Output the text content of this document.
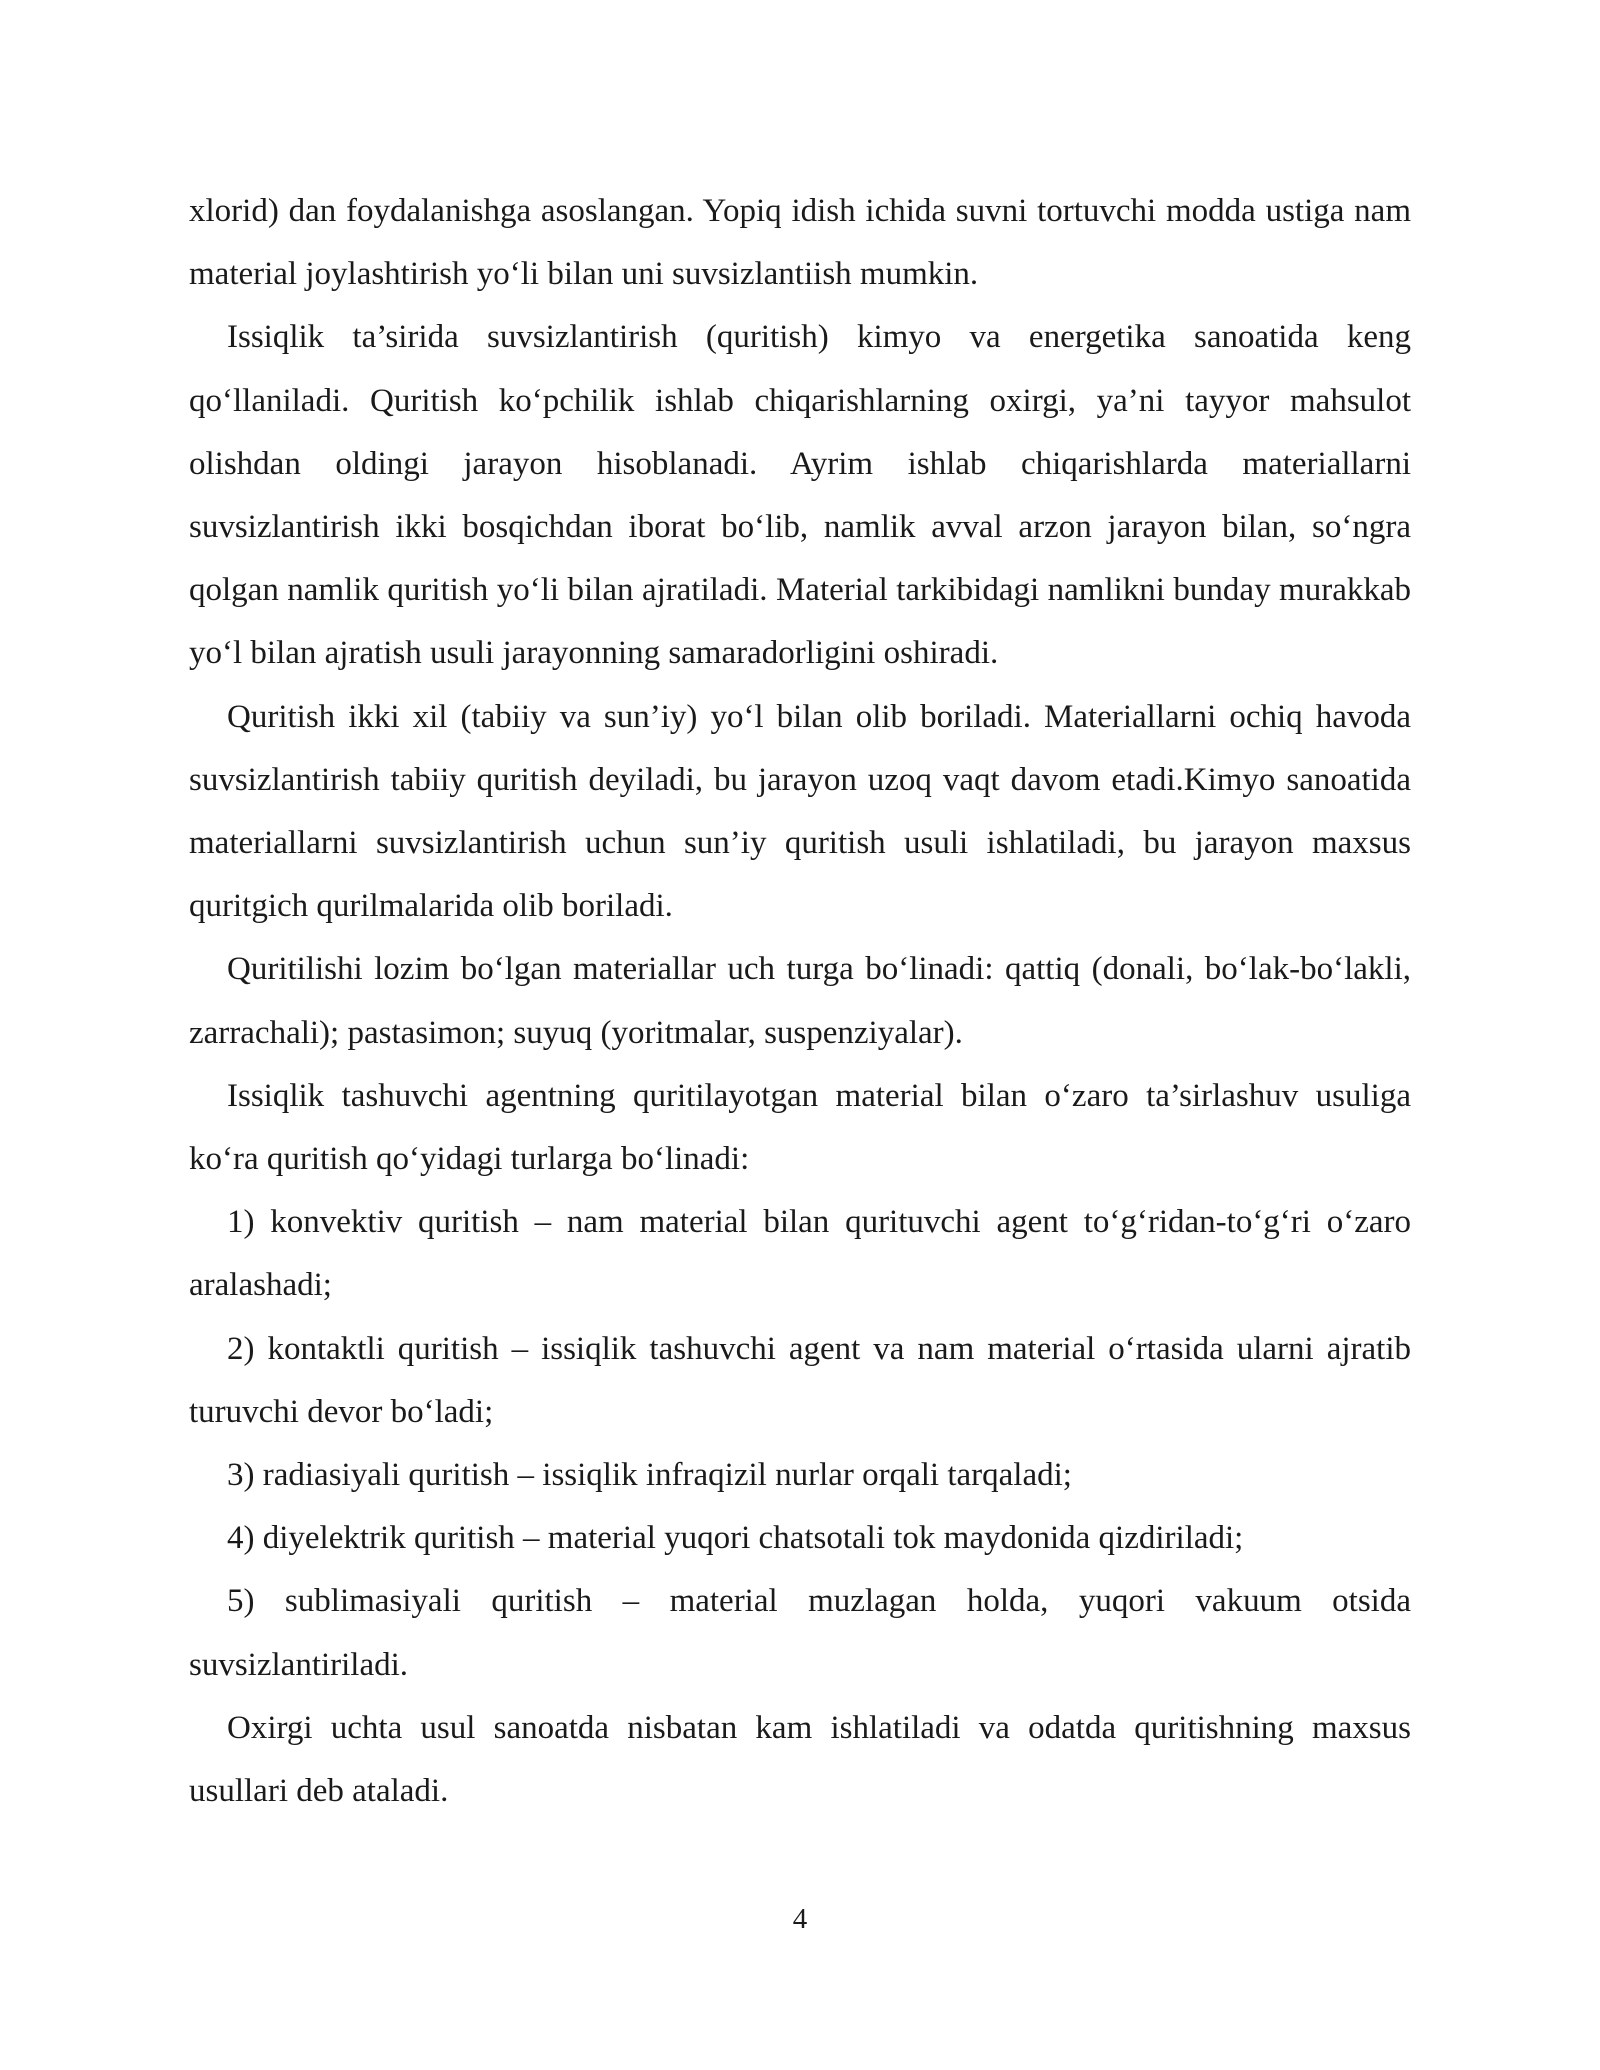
xlorid) dan foydalanishga asoslangan. Yopiq idish ichida suvni tortuvchi modda ustiga nam material joylashtirish yo‘li bilan uni suvsizlantiish mumkin.

Issiqlik ta’sirida suvsizlantirish (quritish) kimyo va energetika sanoatida keng qo‘llaniladi. Quritish ko‘pchilik ishlab chiqarishlarning oxirgi, ya’ni tayyor mahsulot olishdan oldingi jarayon hisoblanadi. Ayrim ishlab chiqarishlarda materiallarni suvsizlantirish ikki bosqichdan iborat bo‘lib, namlik avval arzon jarayon bilan, so‘ngra qolgan namlik quritish yo‘li bilan ajratiladi. Material tarkibidagi namlikni bunday murakkab yo‘l bilan ajratish usuli jarayonning samaradorligini oshiradi.

Quritish ikki xil (tabiiy va sun’iy) yo‘l bilan olib boriladi. Materiallarni ochiq havoda suvsizlantirish tabiiy quritish deyiladi, bu jarayon uzoq vaqt davom etadi.Kimyo sanoatida materiallarni suvsizlantirish uchun sun’iy quritish usuli ishlatiladi, bu jarayon maxsus quritgich qurilmalarida olib boriladi.

Quritilishi lozim bo‘lgan materiallar uch turga bo‘linadi: qattiq (donali, bo‘lak-bo‘lakli, zarrachali); pastasimon; suyuq (yoritmalar, suspenziyalar).

Issiqlik tashuvchi agentning quritilayotgan material bilan o‘zaro ta’sirlashuv usuliga ko‘ra quritish qo‘yidagi turlarga bo‘linadi:

1) konvektiv quritish – nam material bilan qurituvchi agent to‘g‘ridan-to‘g‘ri o‘zaro aralashadi;

2) kontaktli quritish – issiqlik tashuvchi agent va nam material o‘rtasida ularni ajratib turuvchi devor bo‘ladi;

3) radiasiyali quritish – issiqlik infraqizil nurlar orqali tarqaladi;

4) diyelektrik quritish – material yuqori chatsotali tok maydonida qizdiriladi;

5) sublimasiyali quritish – material muzlagan holda, yuqori vakuum otsida suvsizlantiriladi.

Oxirgi uchta usul sanoatda nisbatan kam ishlatiladi va odatda quritishning maxsus usullari deb ataladi.

4
